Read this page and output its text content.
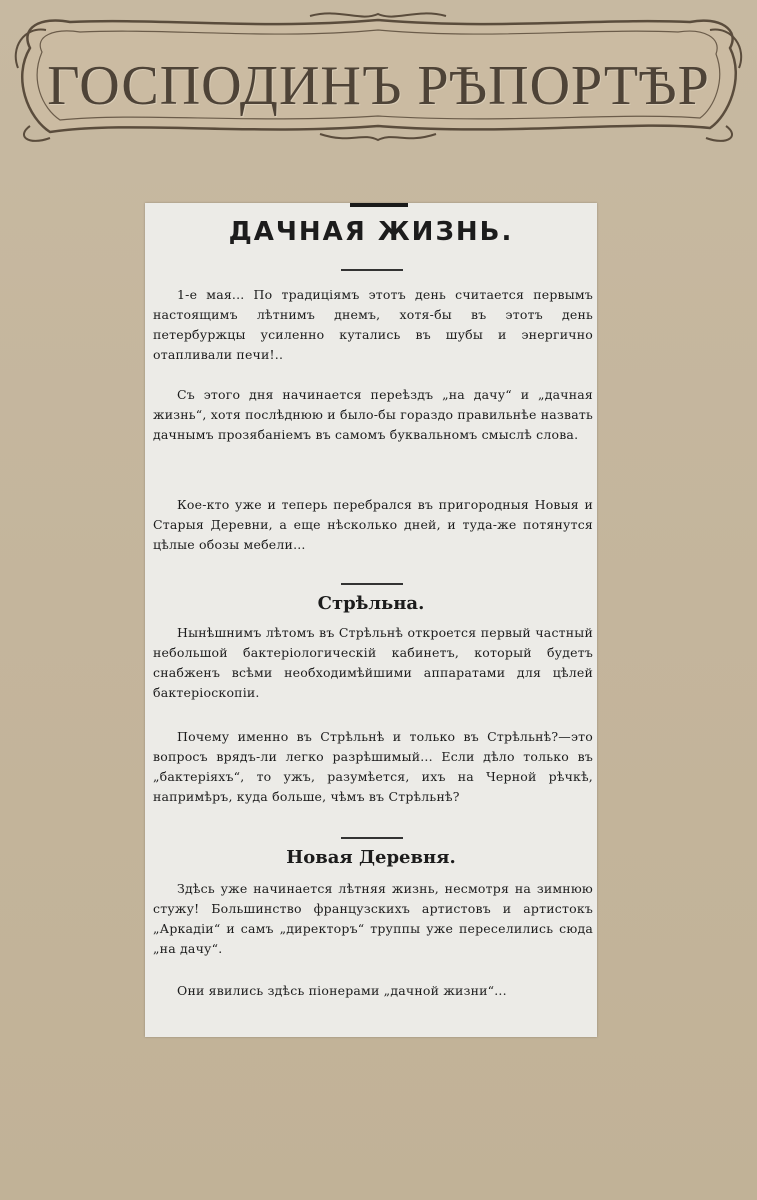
ГОСПОДИНЪ РѢПОРТѢР
ДАЧНАЯ ЖИЗНЬ.
1-е мая... По традиціямъ этотъ день считается первымъ настоящимъ лѣтнимъ днемъ, хотя-бы въ этотъ день петербуржцы усиленно кутались въ шубы и энергично отапливали печи!..
Съ этого дня начинается переѣздъ „на дачу“ и „дачная жизнь“, хотя послѣднюю и было-бы гораздо правильнѣе назвать дачнымъ прозябаніемъ въ самомъ буквальномъ смыслѣ слова.
Кое-кто уже и теперь перебрался въ пригородныя Новыя и Старыя Деревни, а еще нѣсколько дней, и туда-же потянутся цѣлые обозы мебели...
Стрѣльна.
Нынѣшнимъ лѣтомъ въ Стрѣльнѣ откроется первый частный небольшой бактеріологическій кабинетъ, который будетъ снабженъ всѣми необходимѣйшими аппаратами для цѣлей бактеріоскопіи.
Почему именно въ Стрѣльнѣ и только въ Стрѣльнѣ?—это вопросъ врядъ-ли легко разрѣшимый... Если дѣло только въ „бактеріяхъ“, то ужъ, разумѣется, ихъ на Черной рѣчкѣ, напримѣръ, куда больше, чѣмъ въ Стрѣльнѣ?
Новая Деревня.
Здѣсь уже начинается лѣтняя жизнь, несмотря на зимнюю стужу! Большинство французскихъ артистовъ и артистокъ „Аркадіи“ и самъ „директоръ“ труппы уже переселились сюда „на дачу“.
Они явились здѣсь піонерами „дачной жизни“...
